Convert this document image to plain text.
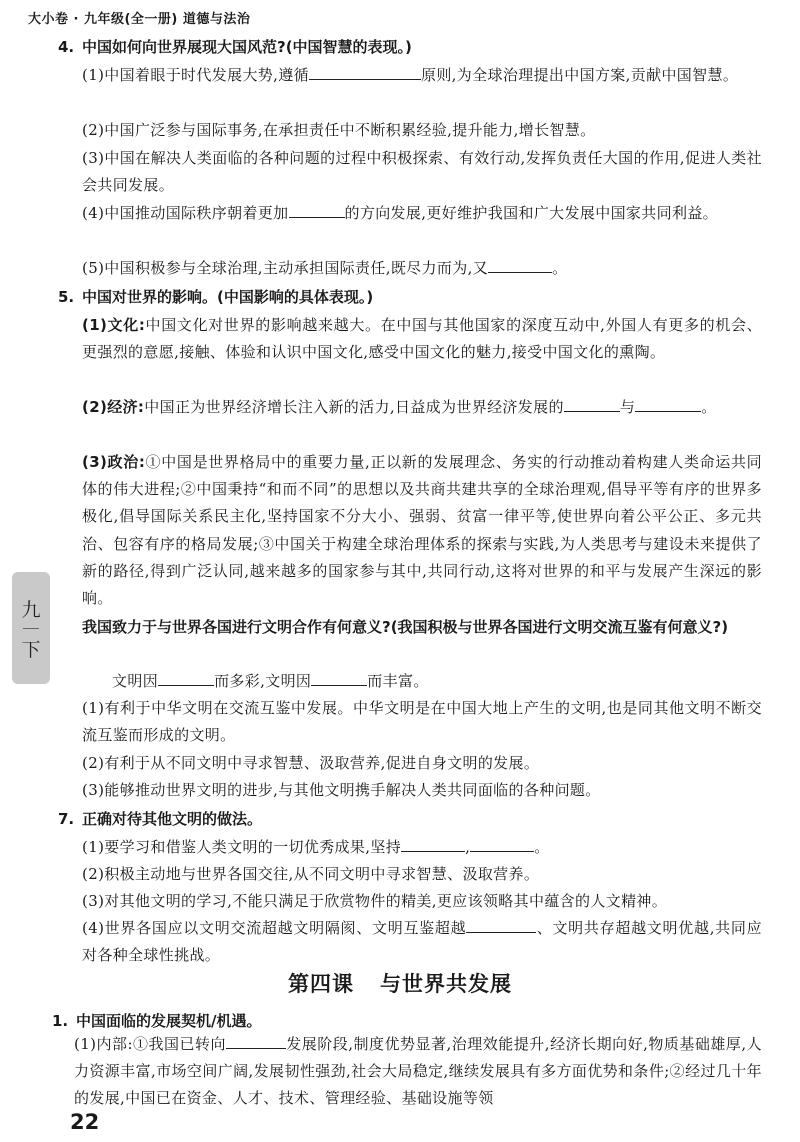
大小卷 · 九年级(全一册) 道德与法治
4. 中国如何向世界展现大国风范?(中国智慧的表现。)
(1)中国着眼于时代发展大势,遵循	原则,为全球治理提出中国方案,贡献中国智慧。
(2)中国广泛参与国际事务,在承担责任中不断积累经验,提升能力,增长智慧。
(3)中国在解决人类面临的各种问题的过程中积极探索、有效行动,发挥负责任大国的作用,促进人类社会共同发展。
(4)中国推动国际秩序朝着更加	的方向发展,更好维护我国和广大发展中国家共同利益。
(5)中国积极参与全球治理,主动承担国际责任,既尽力而为,又	。
5. 中国对世界的影响。(中国影响的具体表现。)
(1)文化:中国文化对世界的影响越来越大。在中国与其他国家的深度互动中,外国人有更多的机会、更强烈的意愿,接触、体验和认识中国文化,感受中国文化的魅力,接受中国文化的熏陶。
(2)经济:中国正为世界经济增长注入新的活力,日益成为世界经济发展的	与	。
(3)政治:①中国是世界格局中的重要力量,正以新的发展理念、务实的行动推动着构建人类命运共同体的伟大进程;②中国秉持“和而不同”的思想以及共商共建共享的全球治理观,倡导平等有序的世界多极化,倡导国际关系民主化,坚持国家不分大小、强弱、贫富一律平等,使世界向着公平公正、多元共治、包容有序的格局发展;③中国关于构建全球治理体系的探索与实践,为人类思考与建设未来提供了新的路径,得到广泛认同,越来越多的国家参与其中,共同行动,这将对世界的和平与发展产生深远的影响。
我国致力于与世界各国进行文明合作有何意义?(我国积极与世界各国进行文明交流互鉴有何意义?)
文明因	而多彩,文明因	而丰富。
(1)有利于中华文明在交流互鉴中发展。中华文明是在中国大地上产生的文明,也是同其他文明不断交流互鉴而形成的文明。
(2)有利于从不同文明中寻求智慧、汲取营养,促进自身文明的发展。
(3)能够推动世界文明的进步,与其他文明携手解决人类共同面临的各种问题。
7. 正确对待其他文明的做法。
(1)要学习和借鉴人类文明的一切优秀成果,坚持	,	。
(2)积极主动地与世界各国交往,从不同文明中寻求智慧、汲取营养。
(3)对其他文明的学习,不能只满足于欣赏物件的精美,更应该领略其中蕴含的人文精神。
(4)世界各国应以文明交流超越文明隔阂、文明互鉴超越	、文明共存超越文明优越,共同应对各种全球性挑战。
第四课 与世界共发展
1. 中国面临的发展契机/机遇。
(1)内部:①我国已转向	发展阶段,制度优势显著,治理效能提升,经济长期向好,物质基础雄厚,人力资源丰富,市场空间广阔,发展韧性强劲,社会大局稳定,继续发展具有多方面优势和条件;②经过几十年的发展,中国已在资金、人才、技术、管理经验、基础设施等领
九
下
22
